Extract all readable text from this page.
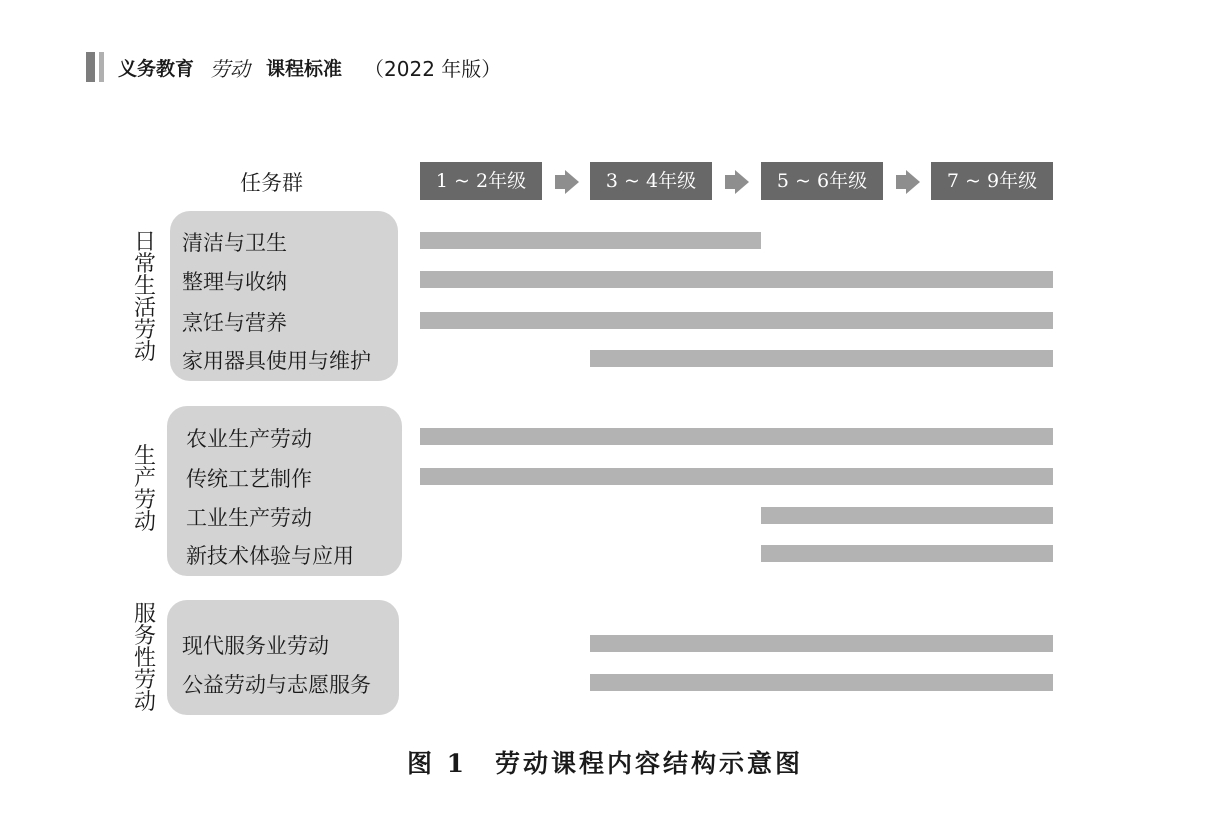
义务教育 劳动 课程标准 （2022 年版）
任务群	1 ~ 2年级	3 ~ 4年级	5 ~ 6年级	7 ~ 9年级
日
常
生
活
劳
动
清洁与卫生
整理与收纳
烹饪与营养
家用器具使用与维护
生
产
劳
动
农业生产劳动
传统工艺制作
工业生产劳动
新技术体验与应用
服
务
性
劳
动
现代服务业劳动
公益劳动与志愿服务
图 1　劳动课程内容结构示意图
